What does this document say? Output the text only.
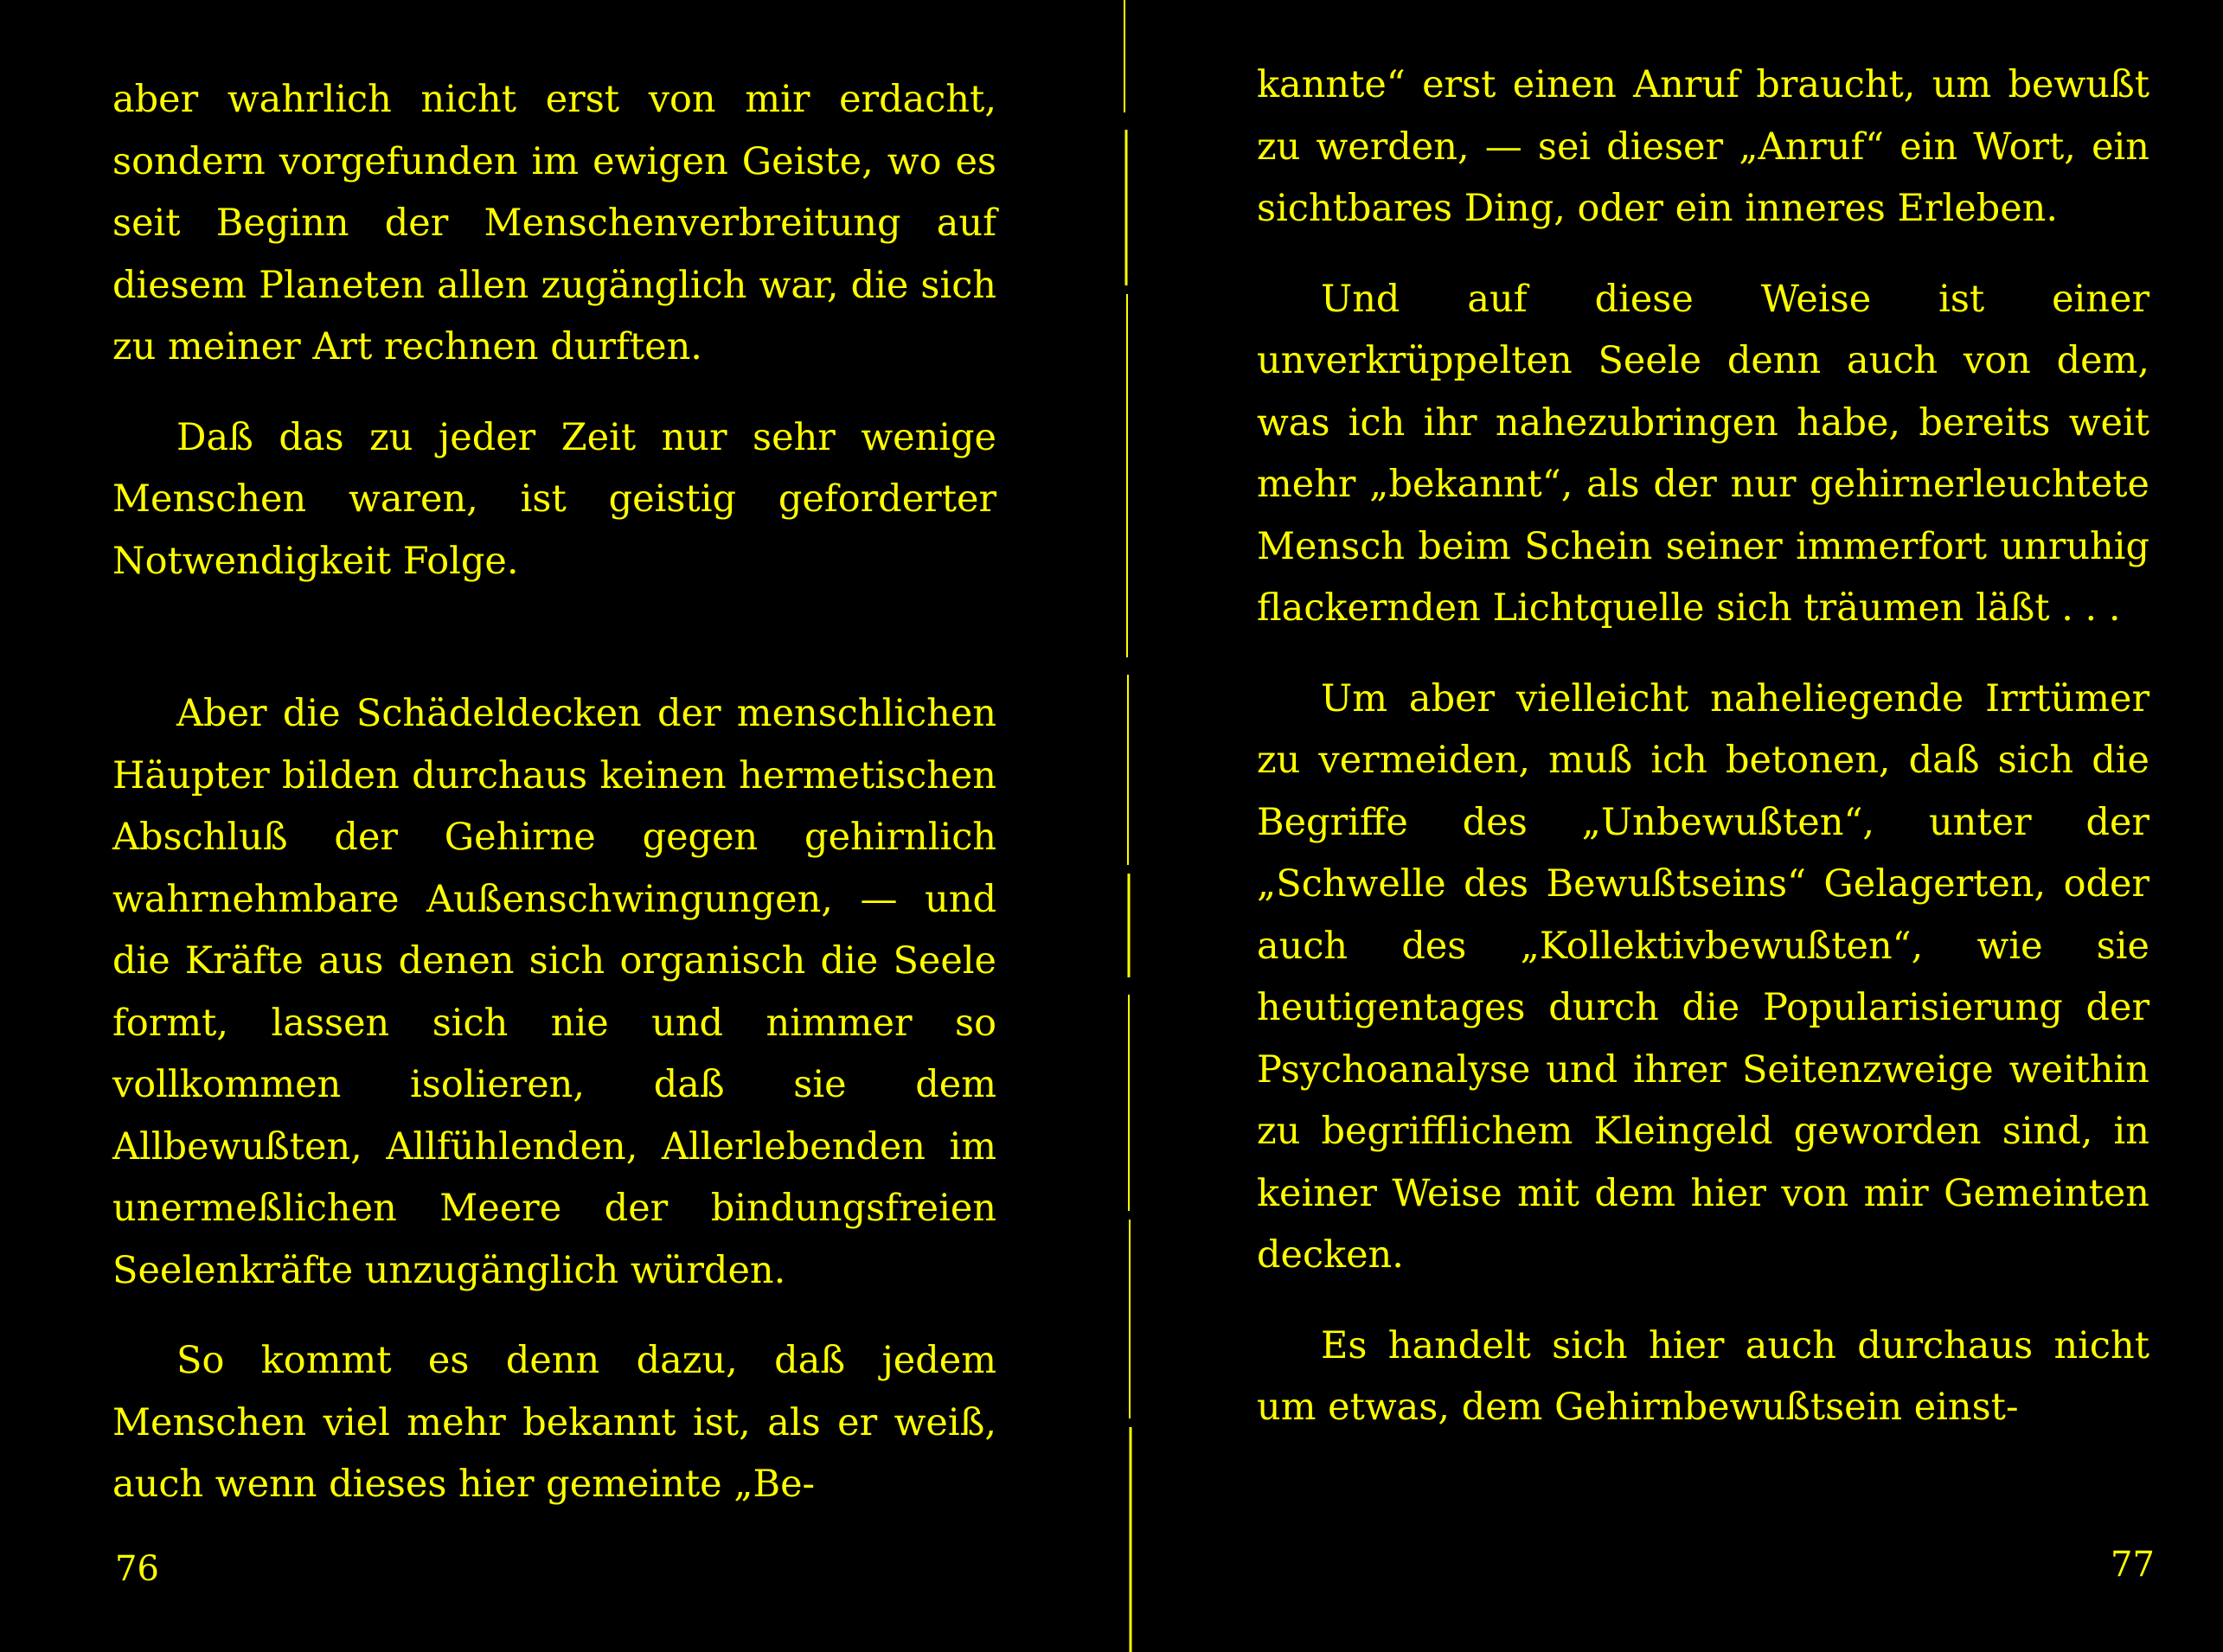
aber wahrlich nicht erst von mir erdacht, sondern vorgefunden im ewigen Geiste, wo es seit Beginn der Menschenverbreitung auf diesem Planeten allen zugänglich war, die sich zu meiner Art rechnen durften.

Daß das zu jeder Zeit nur sehr wenige Menschen waren, ist geistig geforderter Notwendigkeit Folge.

Aber die Schädeldecken der menschlichen Häupter bilden durchaus keinen hermetischen Abschluß der Gehirne gegen gehirnlich wahrnehmbare Außenschwingungen, — und die Kräfte aus denen sich organisch die Seele formt, lassen sich nie und nimmer so vollkommen isolieren, daß sie dem Allbewußten, Allfühlenden, Allerlebenden im unermeßlichen Meere der bindungsfreien Seelenkräfte unzugänglich würden.

So kommt es denn dazu, daß jedem Menschen viel mehr bekannt ist, als er weiß, auch wenn dieses hier gemeinte „Be-

76

kannte“ erst einen Anruf braucht, um bewußt zu werden, — sei dieser „Anruf“ ein Wort, ein sichtbares Ding, oder ein inneres Erleben.

Und auf diese Weise ist einer unverkrüppelten Seele denn auch von dem, was ich ihr nahezubringen habe, bereits weit mehr „bekannt“, als der nur gehirnerleuchtete Mensch beim Schein seiner immerfort unruhig flackernden Lichtquelle sich träumen läßt . . .

Um aber vielleicht naheliegende Irrtümer zu vermeiden, muß ich betonen, daß sich die Begriffe des „Unbewußten“, unter der „Schwelle des Bewußtseins“ Gelagerten, oder auch des „Kollektivbewußten“, wie sie heutigentages durch die Popularisierung der Psychoanalyse und ihrer Seitenzweige weithin zu begrifflichem Kleingeld geworden sind, in keiner Weise mit dem hier von mir Gemeinten decken.

Es handelt sich hier auch durchaus nicht um etwas, dem Gehirnbewußtsein einst-

77
